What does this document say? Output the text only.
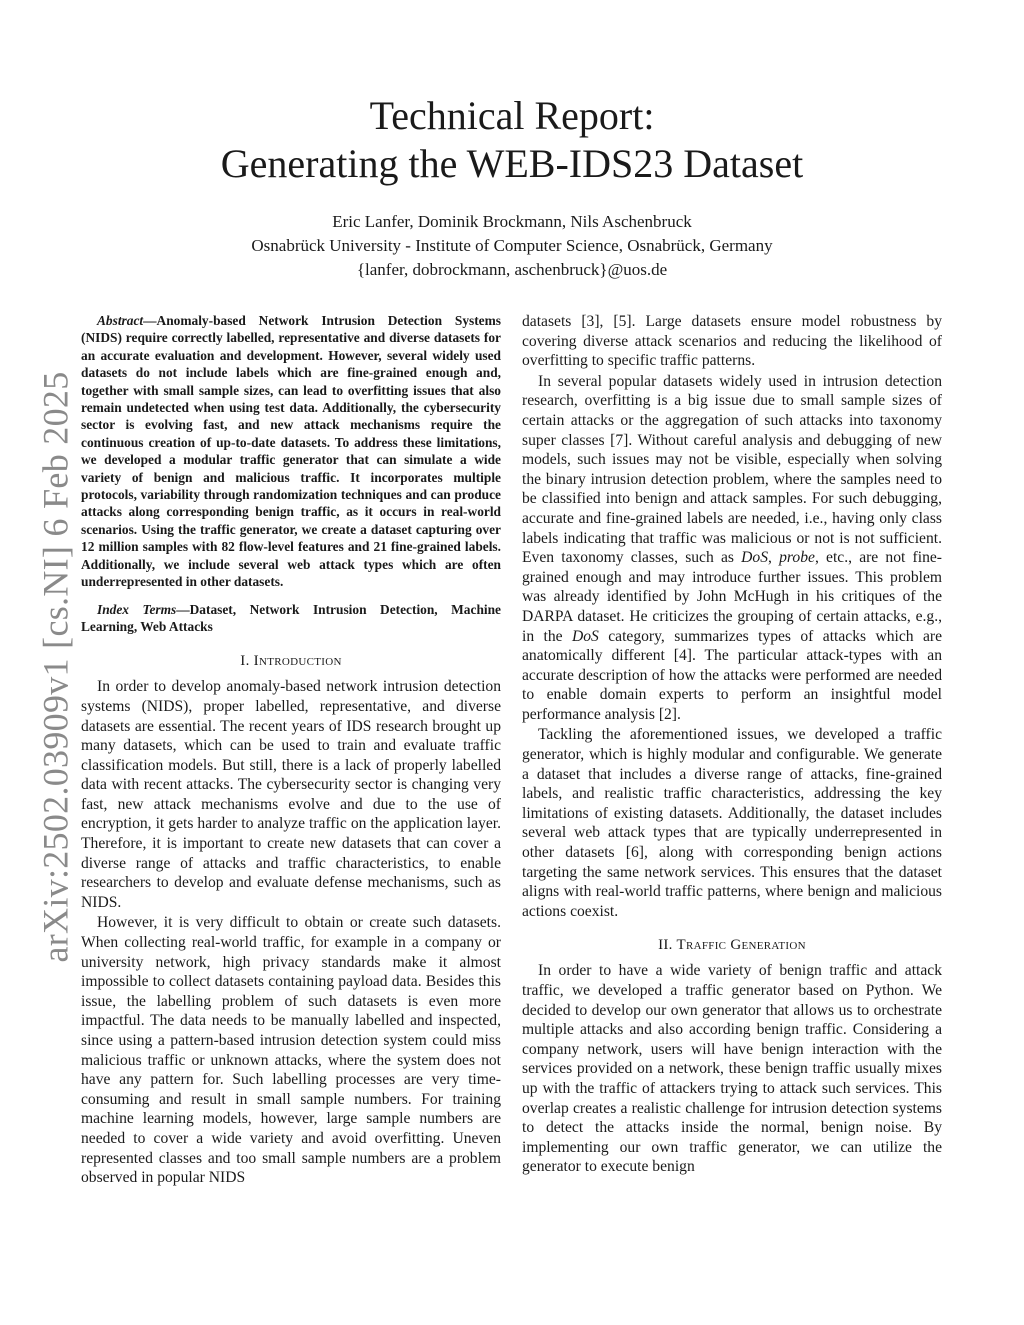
arXiv:2502.03909v1 [cs.NI] 6 Feb 2025
Technical Report:
Generating the WEB-IDS23 Dataset
Eric Lanfer, Dominik Brockmann, Nils Aschenbruck
Osnabrück University - Institute of Computer Science, Osnabrück, Germany
{lanfer, dobrockmann, aschenbruck}@uos.de

Abstract—Anomaly-based Network Intrusion Detection Systems (NIDS) require correctly labelled, representative and diverse datasets for an accurate evaluation and development. However, several widely used datasets do not include labels which are fine-grained enough and, together with small sample sizes, can lead to overfitting issues that also remain undetected when using test data. Additionally, the cybersecurity sector is evolving fast, and new attack mechanisms require the continuous creation of up-to-date datasets. To address these limitations, we developed a modular traffic generator that can simulate a wide variety of benign and malicious traffic. It incorporates multiple protocols, variability through randomization techniques and can produce attacks along corresponding benign traffic, as it occurs in real-world scenarios. Using the traffic generator, we create a dataset capturing over 12 million samples with 82 flow-level features and 21 fine-grained labels. Additionally, we include several web attack types which are often underrepresented in other datasets.

Index Terms—Dataset, Network Intrusion Detection, Machine Learning, Web Attacks

I. Introduction

In order to develop anomaly-based network intrusion detection systems (NIDS), proper labelled, representative, and diverse datasets are essential. The recent years of IDS research brought up many datasets, which can be used to train and evaluate traffic classification models. But still, there is a lack of properly labelled data with recent attacks. The cybersecurity sector is changing very fast, new attack mechanisms evolve and due to the use of encryption, it gets harder to analyze traffic on the application layer. Therefore, it is important to create new datasets that can cover a diverse range of attacks and traffic characteristics, to enable researchers to develop and evaluate defense mechanisms, such as NIDS.

However, it is very difficult to obtain or create such datasets. When collecting real-world traffic, for example in a company or university network, high privacy standards make it almost impossible to collect datasets containing payload data. Besides this issue, the labelling problem of such datasets is even more impactful. The data needs to be manually labelled and inspected, since using a pattern-based intrusion detection system could miss malicious traffic or unknown attacks, where the system does not have any pattern for. Such labelling processes are very time-consuming and result in small sample numbers. For training machine learning models, however, large sample numbers are needed to cover a wide variety and avoid overfitting. Uneven represented classes and too small sample numbers are a problem observed in popular NIDS

datasets [3], [5]. Large datasets ensure model robustness by covering diverse attack scenarios and reducing the likelihood of overfitting to specific traffic patterns.

In several popular datasets widely used in intrusion detection research, overfitting is a big issue due to small sample sizes of certain attacks or the aggregation of such attacks into taxonomy super classes [7]. Without careful analysis and debugging of new models, such issues may not be visible, especially when solving the binary intrusion detection problem, where the samples need to be classified into benign and attack samples. For such debugging, accurate and fine-grained labels are needed, i.e., having only class labels indicating that traffic was malicious or not is not sufficient. Even taxonomy classes, such as DoS, probe, etc., are not fine-grained enough and may introduce further issues. This problem was already identified by John McHugh in his critiques of the DARPA dataset. He criticizes the grouping of certain attacks, e.g., in the DoS category, summarizes types of attacks which are anatomically different [4]. The particular attack-types with an accurate description of how the attacks were performed are needed to enable domain experts to perform an insightful model performance analysis [2].

Tackling the aforementioned issues, we developed a traffic generator, which is highly modular and configurable. We generate a dataset that includes a diverse range of attacks, fine-grained labels, and realistic traffic characteristics, addressing the key limitations of existing datasets. Additionally, the dataset includes several web attack types that are typically underrepresented in other datasets [6], along with corresponding benign actions targeting the same network services. This ensures that the dataset aligns with real-world traffic patterns, where benign and malicious actions coexist.

II. Traffic Generation

In order to have a wide variety of benign traffic and attack traffic, we developed a traffic generator based on Python. We decided to develop our own generator that allows us to orchestrate multiple attacks and also according benign traffic. Considering a company network, users will have benign interaction with the services provided on a network, these benign traffic usually mixes up with the traffic of attackers trying to attack such services. This overlap creates a realistic challenge for intrusion detection systems to detect the attacks inside the normal, benign noise. By implementing our own traffic generator, we can utilize the generator to execute benign
